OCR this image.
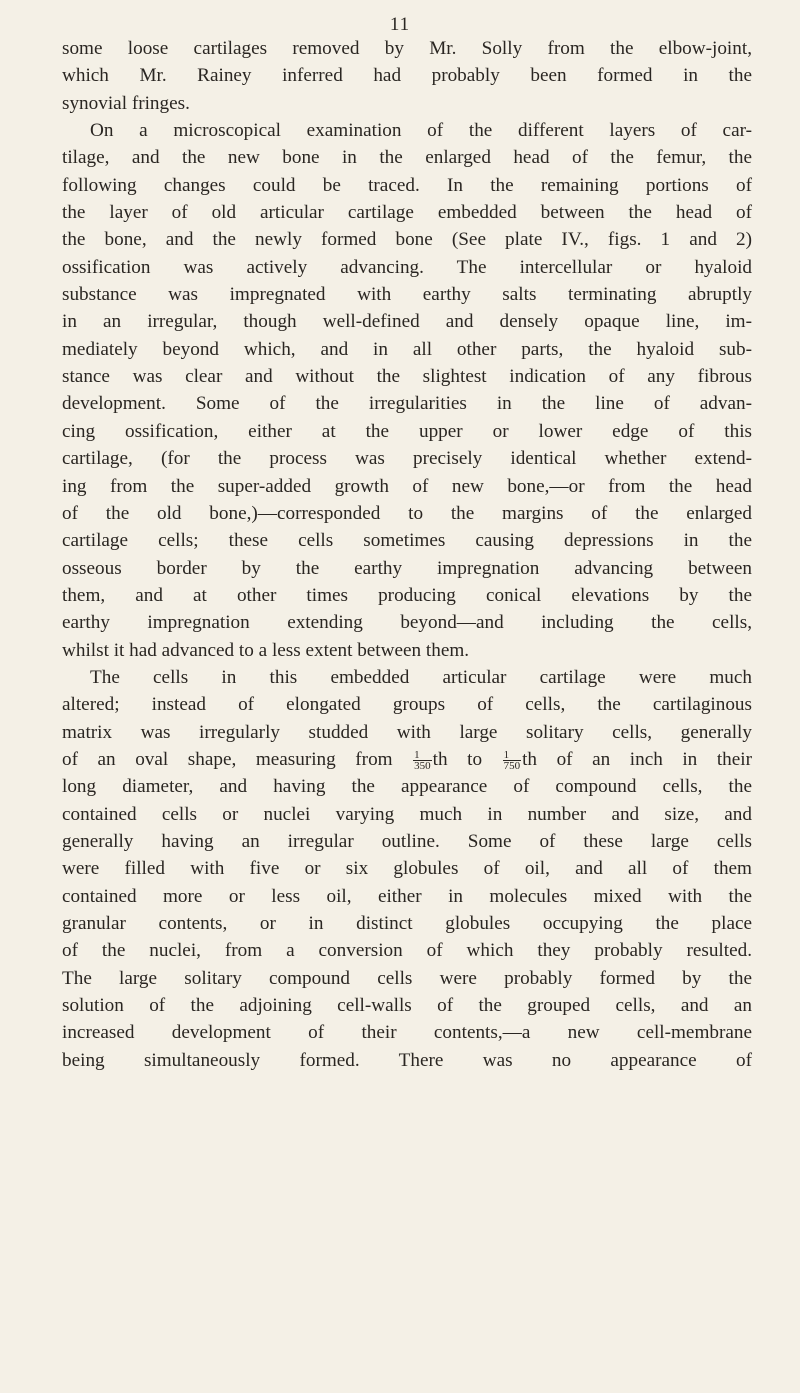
11
some loose cartilages removed by Mr. Solly from the elbow-joint,
which Mr. Rainey inferred had probably been formed in the
synovial fringes.
On a microscopical examination of the different layers of car-
tilage, and the new bone in the enlarged head of the femur, the
following changes could be traced. In the remaining portions of
the layer of old articular cartilage embedded between the head of
the bone, and the newly formed bone (See plate IV., figs. 1 and 2)
ossification was actively advancing. The intercellular or hyaloid
substance was impregnated with earthy salts terminating abruptly
in an irregular, though well-defined and densely opaque line, im-
mediately beyond which, and in all other parts, the hyaloid sub-
stance was clear and without the slightest indication of any fibrous
development. Some of the irregularities in the line of advan-
cing ossification, either at the upper or lower edge of this
cartilage, (for the process was precisely identical whether extend-
ing from the super-added growth of new bone,—or from the head
of the old bone,)—corresponded to the margins of the enlarged
cartilage cells; these cells sometimes causing depressions in the
osseous border by the earthy impregnation advancing between
them, and at other times producing conical elevations by the
earthy impregnation extending beyond—and including the cells,
whilst it had advanced to a less extent between them.
The cells in this embedded articular cartilage were much
altered; instead of elongated groups of cells, the cartilaginous
matrix was irregularly studded with large solitary cells, generally
of an oval shape, measuring from $\frac{1}{350}$ th to $\frac{1}{750}$ th of an inch in their
long diameter, and having the appearance of compound cells, the
contained cells or nuclei varying much in number and size, and
generally having an irregular outline. Some of these large cells
were filled with five or six globules of oil, and all of them
contained more or less oil, either in molecules mixed with the
granular contents, or in distinct globules occupying the place
of the nuclei, from a conversion of which they probably resulted.
The large solitary compound cells were probably formed by the
solution of the adjoining cell-walls of the grouped cells, and an
increased development of their contents,—a new cell-membrane
being simultaneously formed. There was no appearance of
